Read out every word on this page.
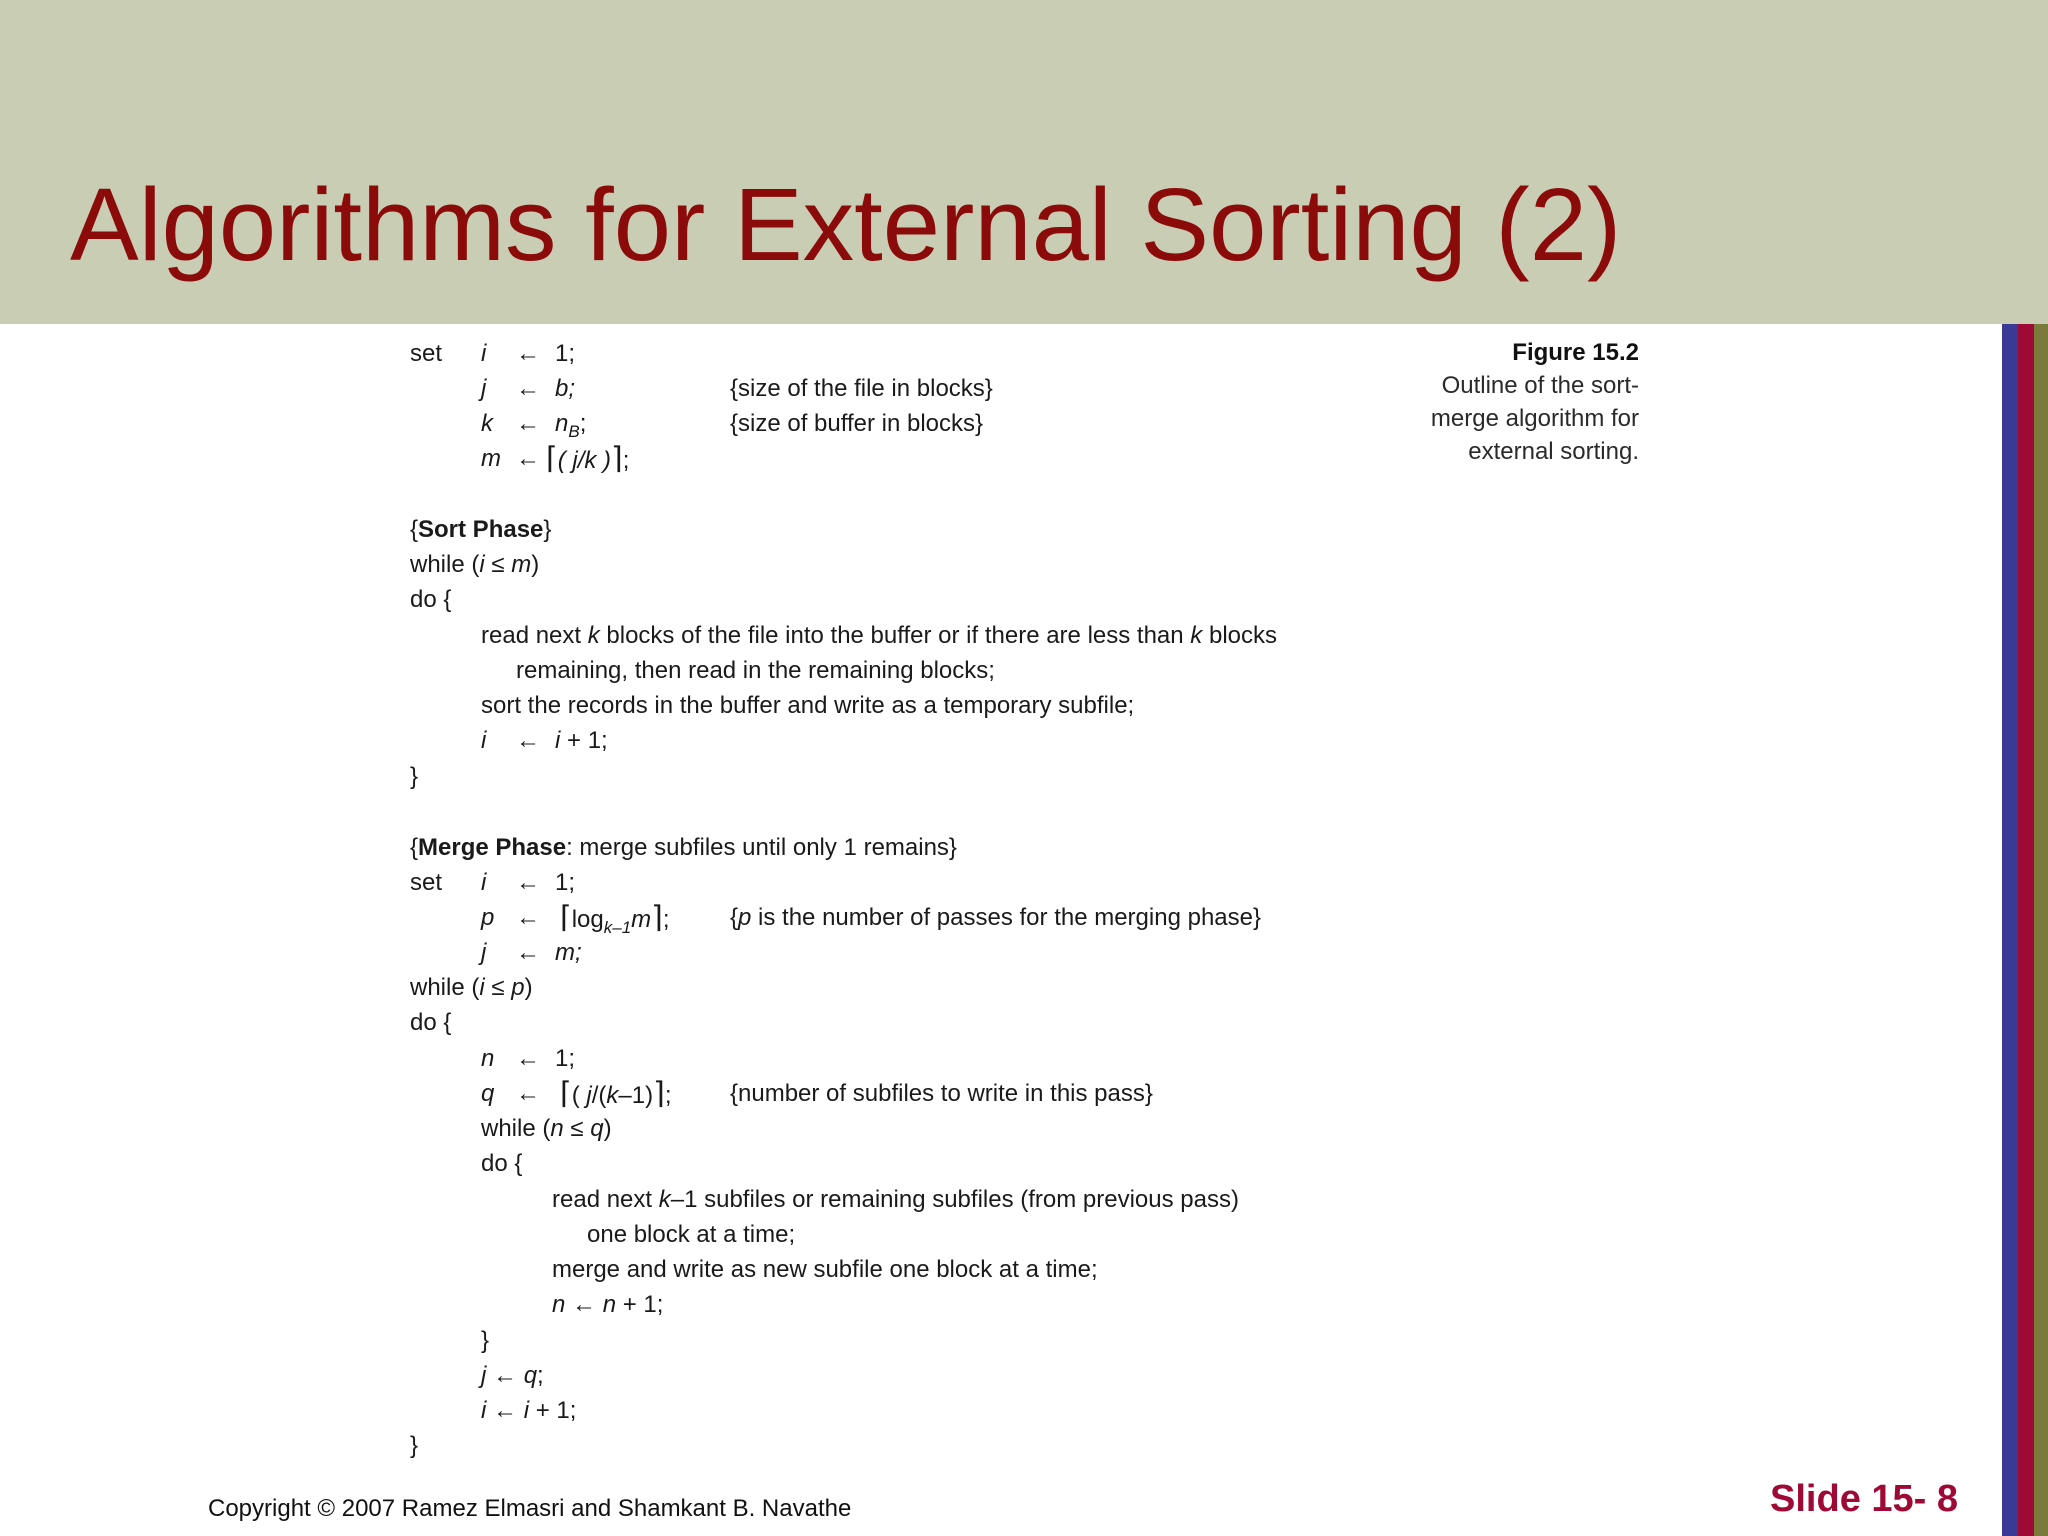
Algorithms for External Sorting (2)
Figure 15.2
Outline of the sort-
merge algorithm for
external sorting.
set i ← 1;
j ← b;	{size of the file in blocks}
k ← $n_B$;	{size of buffer in blocks}
m ← ⌈( j/k )⌉;
{Sort Phase}
while (i ≤ m)
do {
read next k blocks of the file into the buffer or if there are less than k blocks
remaining, then read in the remaining blocks;
sort the records in the buffer and write as a temporary subfile;
i ← i + 1;
}
{Merge Phase: merge subfiles until only 1 remains}
set i ← 1;
p ← $⌈\log_{k-1}m⌉$;	{p is the number of passes for the merging phase}
j ← m;
while (i ≤ p)
do {
n ← 1;
q ← ⌈( j/(k–1)⌉; {number of subfiles to write in this pass}
while (n ≤ q)
do {
read next k–1 subfiles or remaining subfiles (from previous pass)
one block at a time;
merge and write as new subfile one block at a time;
n ← n + 1;
}
j ← q;
i ← i + 1;
}
Copyright © 2007 Ramez Elmasri and Shamkant B. Navathe	Slide 15- 8
